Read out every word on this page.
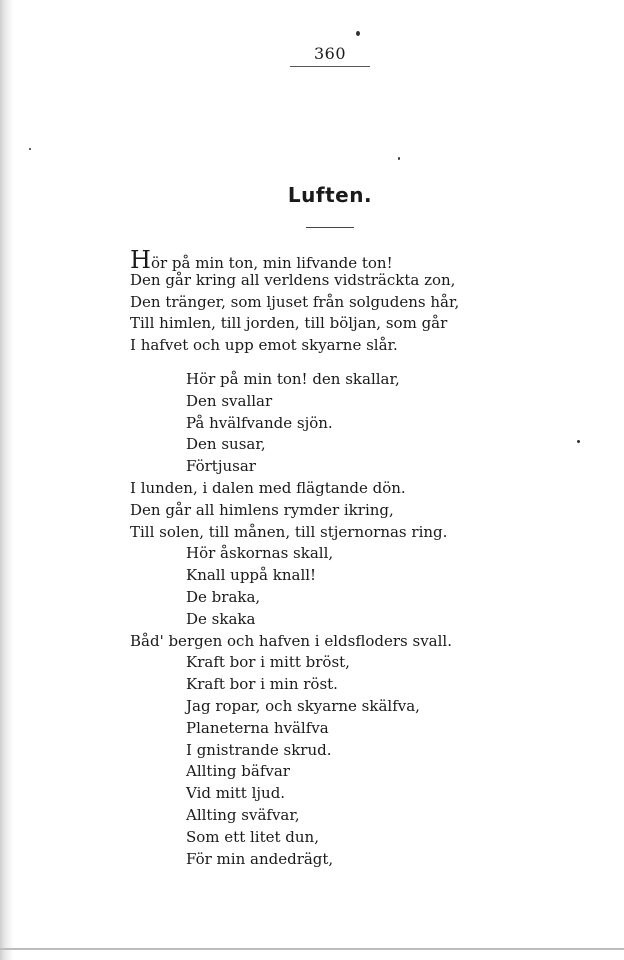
360
Luften.
Hör på min ton, min lifvande ton!
Den går kring all verldens vidsträckta zon,
Den tränger, som ljuset från solgudens hår,
Till himlen, till jorden, till böljan, som går
I hafvet och upp emot skyarne slår.
Hör på min ton! den skallar,
Den svallar
På hvälfvande sjön.
Den susar,
Förtjusar
I lunden, i dalen med flägtande dön.
Den går all himlens rymder ikring,
Till solen, till månen, till stjernornas ring.
Hör åskornas skall,
Knall uppå knall!
De braka,
De skaka
Båd' bergen och hafven i eldsfloders svall.
Kraft bor i mitt bröst,
Kraft bor i min röst.
Jag ropar, och skyarne skälfva,
Planeterna hvälfva
I gnistrande skrud.
Allting bäfvar
Vid mitt ljud.
Allting sväfvar,
Som ett litet dun,
För min andedrägt,
